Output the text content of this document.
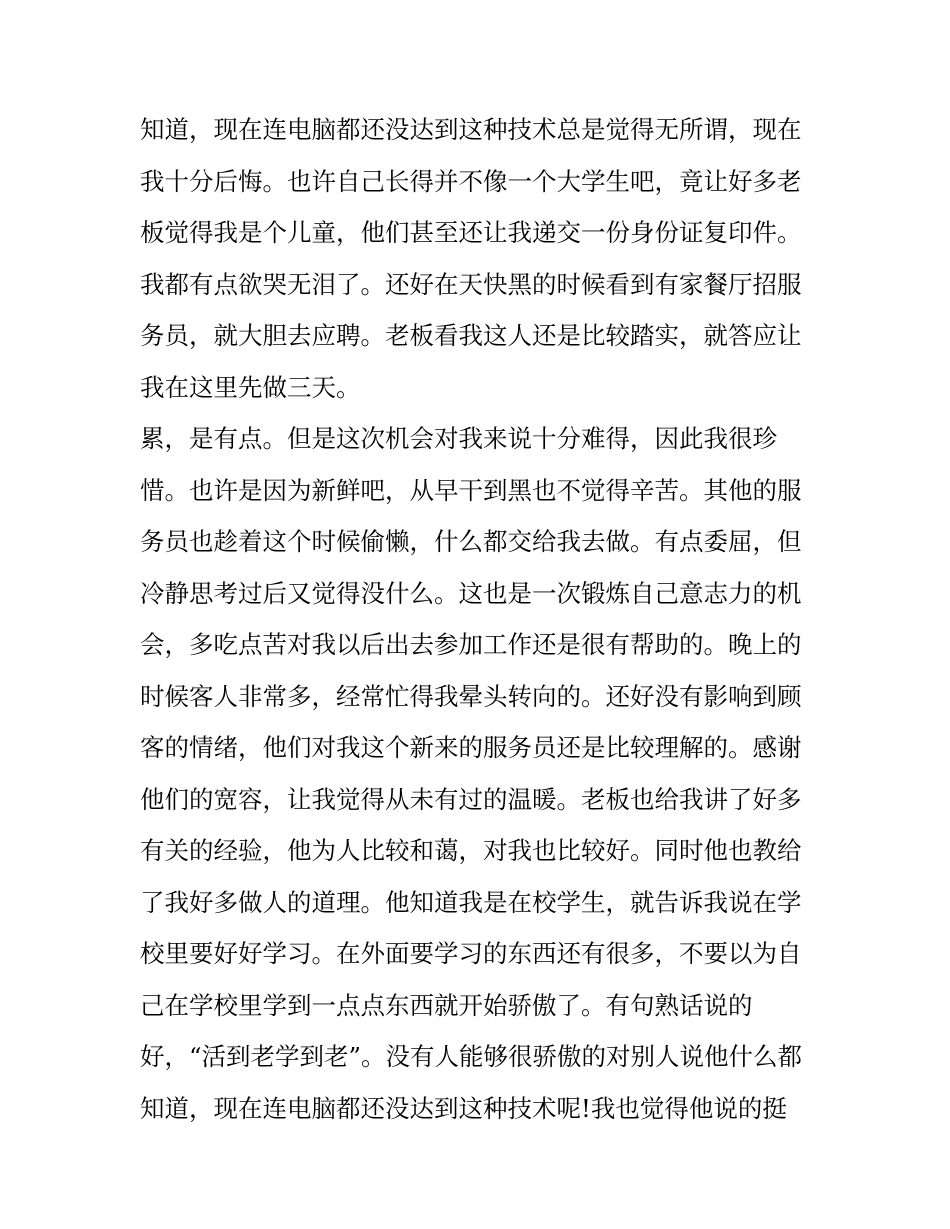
知道，现在连电脑都还没达到这种技术总是觉得无所谓，现在
我十分后悔。也许自己长得并不像一个大学生吧，竟让好多老
板觉得我是个儿童，他们甚至还让我递交一份身份证复印件。
我都有点欲哭无泪了。还好在天快黑的时候看到有家餐厅招服
务员，就大胆去应聘。老板看我这人还是比较踏实，就答应让
我在这里先做三天。
累，是有点。但是这次机会对我来说十分难得，因此我很珍
惜。也许是因为新鲜吧，从早干到黑也不觉得辛苦。其他的服
务员也趁着这个时候偷懒，什么都交给我去做。有点委屈，但
冷静思考过后又觉得没什么。这也是一次锻炼自己意志力的机
会，多吃点苦对我以后出去参加工作还是很有帮助的。晚上的
时候客人非常多，经常忙得我晕头转向的。还好没有影响到顾
客的情绪，他们对我这个新来的服务员还是比较理解的。感谢
他们的宽容，让我觉得从未有过的温暖。老板也给我讲了好多
有关的经验，他为人比较和蔼，对我也比较好。同时他也教给
了我好多做人的道理。他知道我是在校学生，就告诉我说在学
校里要好好学习。在外面要学习的东西还有很多，不要以为自
己在学校里学到一点点东西就开始骄傲了。有句熟话说的
好，“活到老学到老”。没有人能够很骄傲的对别人说他什么都
知道，现在连电脑都还没达到这种技术呢!我也觉得他说的挺
